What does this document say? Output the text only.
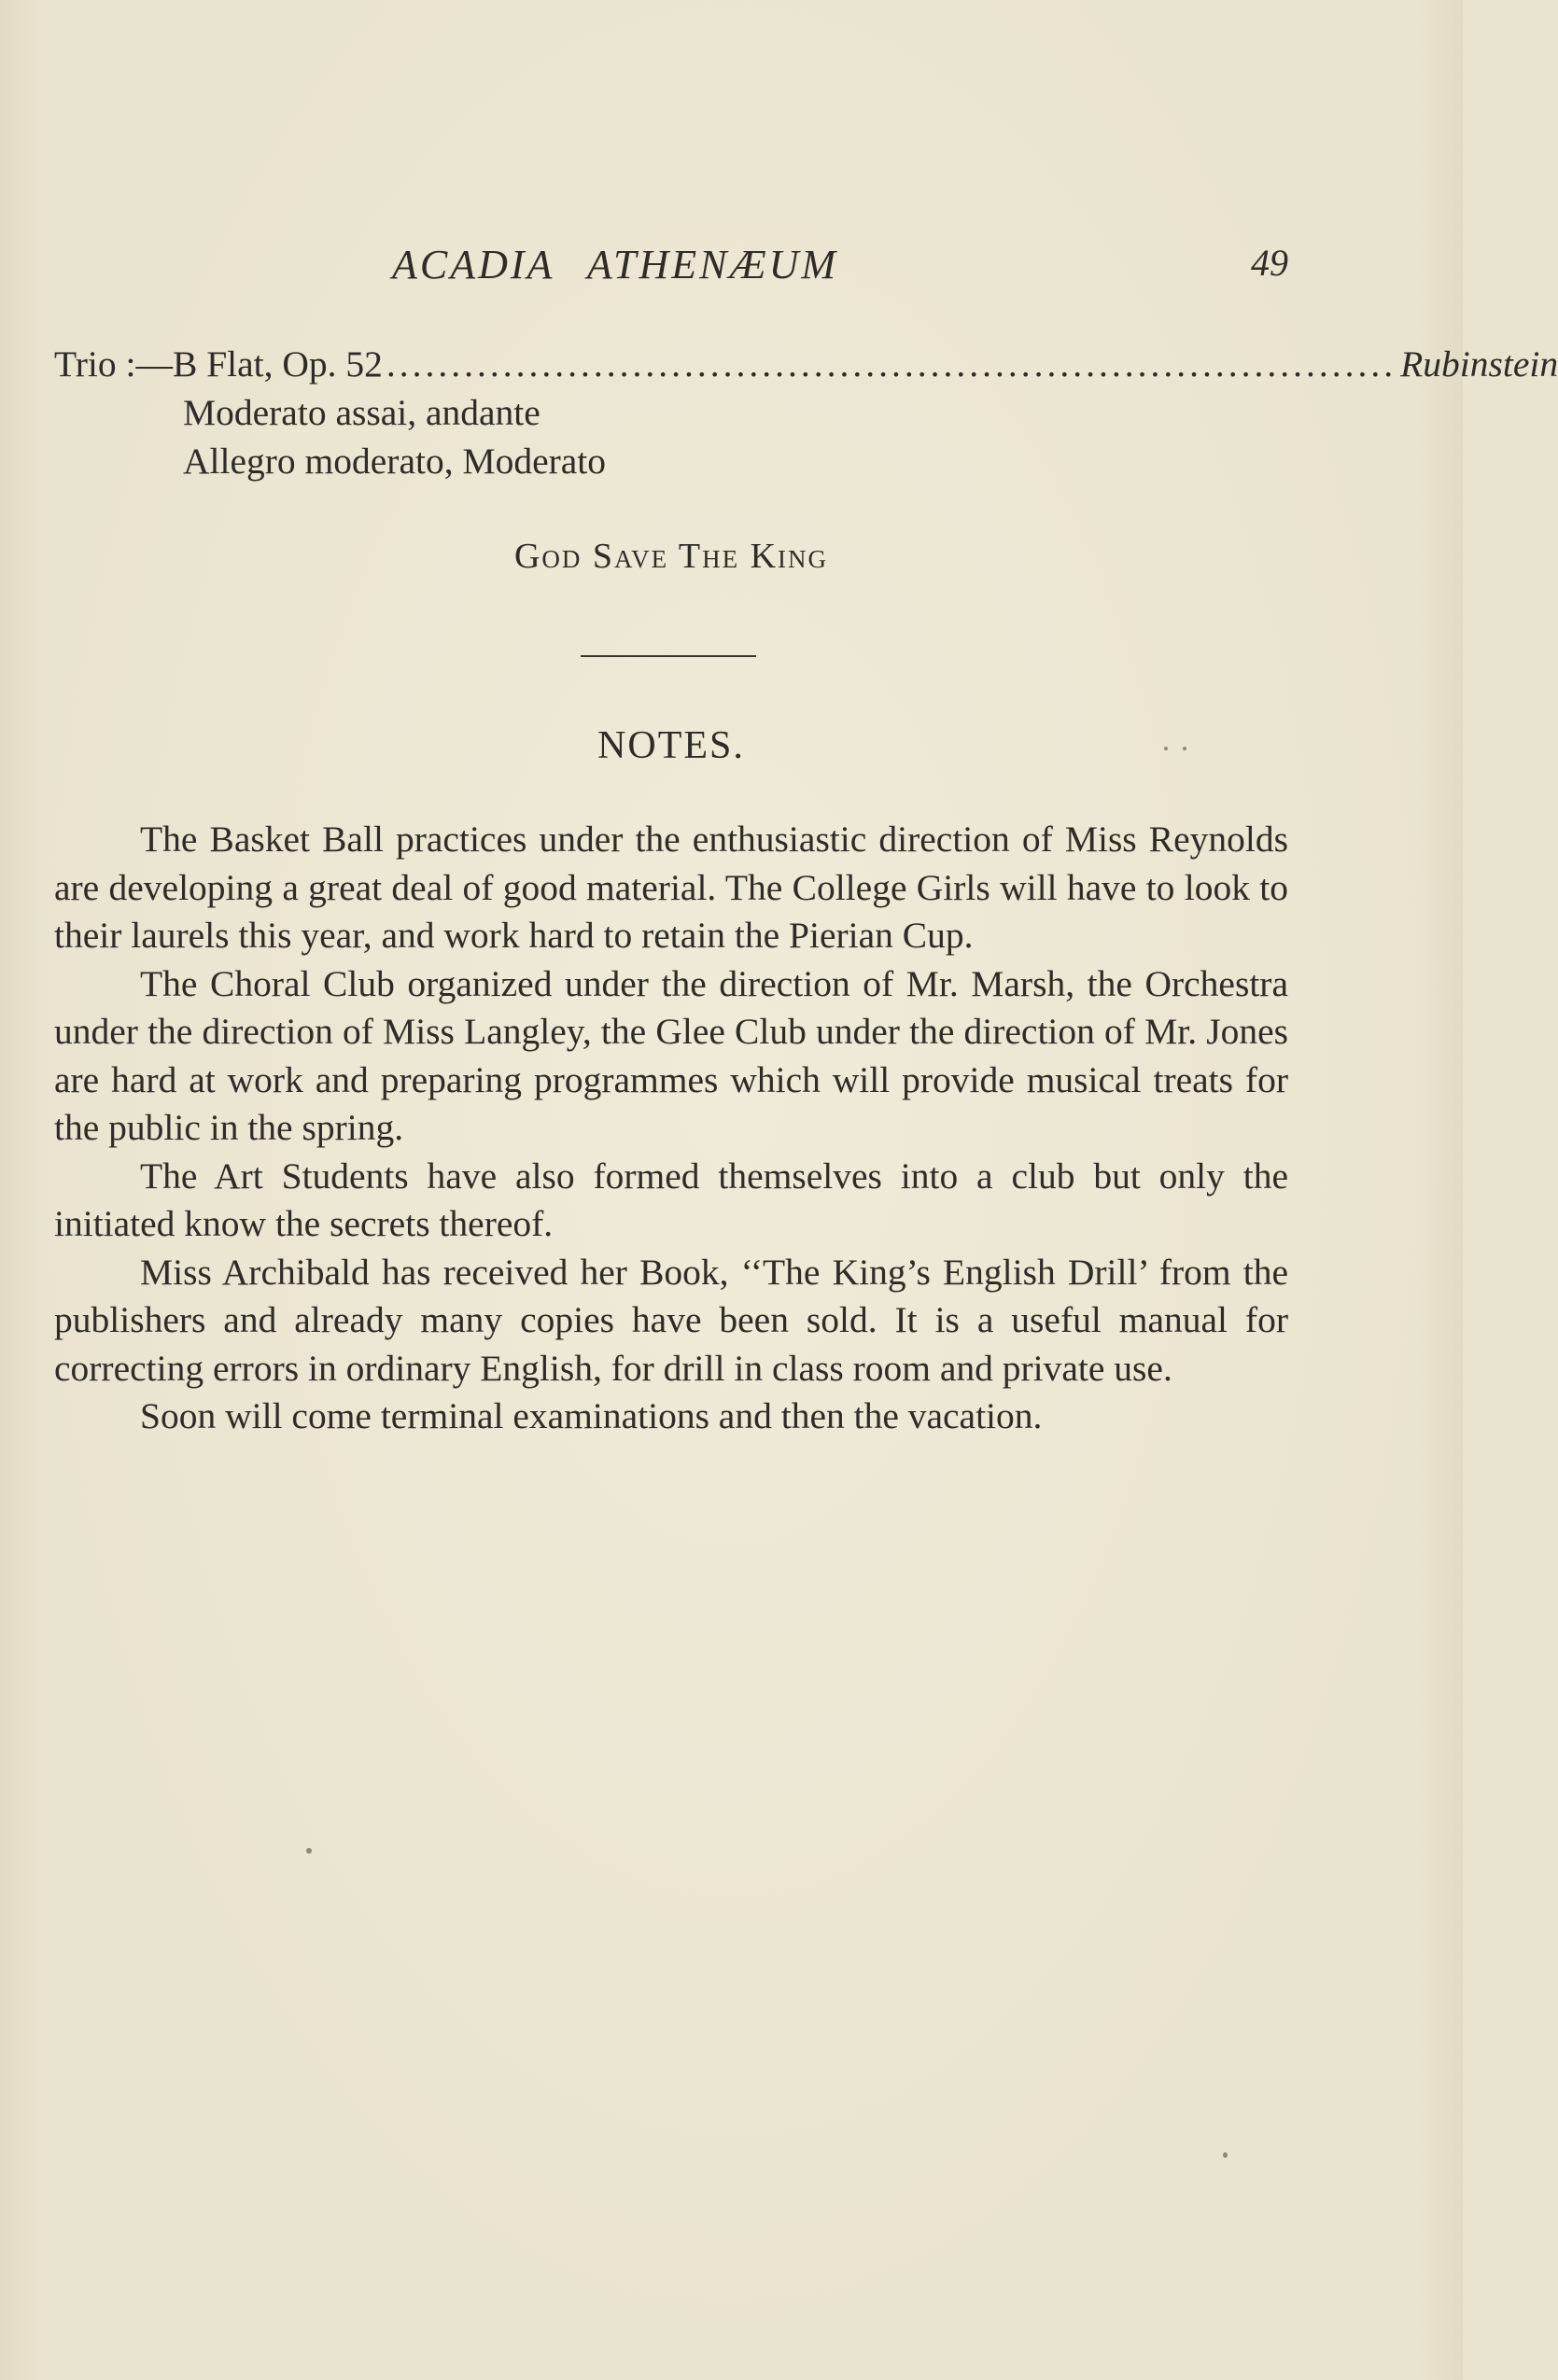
ACADIA ATHENÆUM	49
Trio :—B Flat, Op. 52 .............................................................................. Rubinstein
Moderato assai, andante
Allegro moderato, Moderato
God Save The King
NOTES.

The Basket Ball practices under the enthusiastic direction of Miss Reynolds are developing a great deal of good material. The College Girls will have to look to their laurels this year, and work hard to retain the Pierian Cup.

The Choral Club organized under the direction of Mr. Marsh, the Orchestra under the direction of Miss Langley, the Glee Club under the direction of Mr. Jones are hard at work and preparing programmes which will provide musical treats for the public in the spring.

The Art Students have also formed themselves into a club but only the initiated know the secrets thereof.

Miss Archibald has received her Book, ‘‘The King’s English Drill’ from the publishers and already many copies have been sold. It is a useful manual for correcting errors in ordinary English, for drill in class room and private use.

Soon will come terminal examinations and then the vacation.
